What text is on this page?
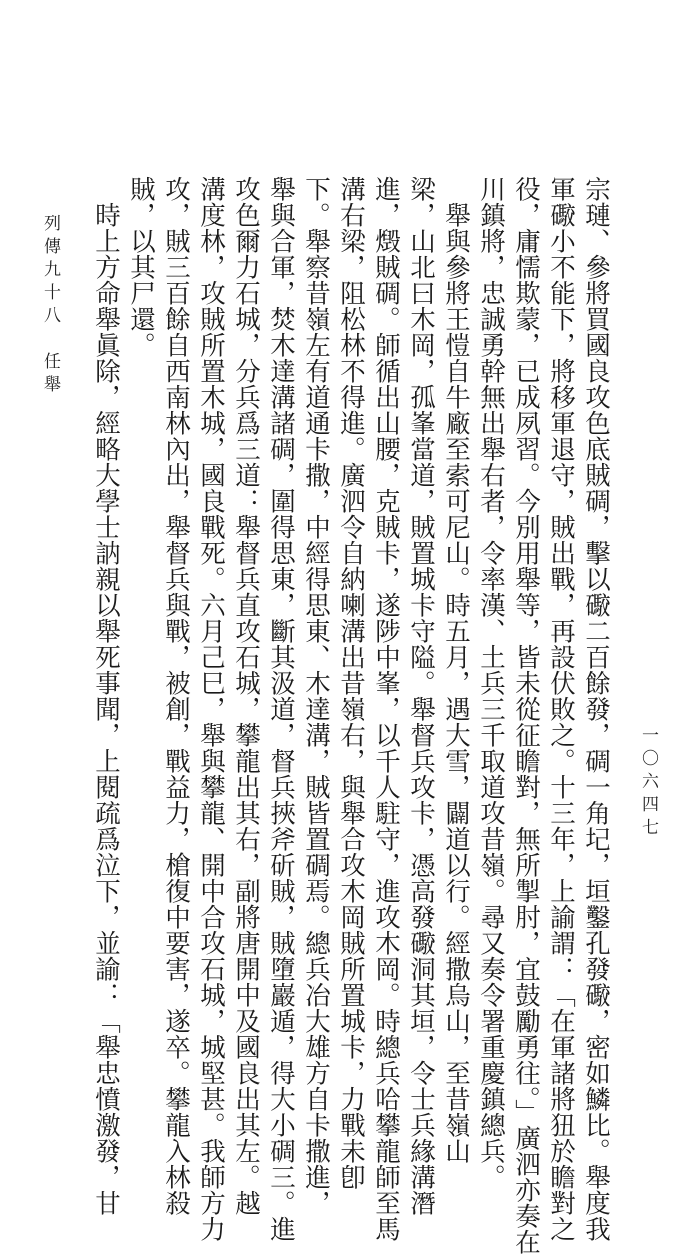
列傳九十八　任舉	宗璉、參將買國良攻色底賊碉，擊以礮二百餘發，碉一角圮，垣鑿孔發礮，密如鱗比。舉度我
軍礮小不能下，將移軍退守，賊出戰，再設伏敗之。十三年，上諭謂：「在軍諸將狃於瞻對之
役，庸懦欺蒙，已成夙習。今別用舉等，皆未從征瞻對，無所掣肘，宜鼓勵勇往。」廣泗亦奏在
川鎮將，忠誠勇幹無出舉右者，令率漢、土兵三千取道攻昔嶺。尋又奏令署重慶鎮總兵。
舉與參將王愷自牛廠至索可尼山。時五月，遇大雪，闢道以行。經撒烏山，至昔嶺山
梁，山北曰木岡，孤峯當道，賊置城卡守隘。舉督兵攻卡，憑高發礮洞其垣，令士兵緣溝潛
進，燬賊碉。師循出山腰，克賊卡，遂陟中峯，以千人駐守，進攻木岡。時總兵哈攀龍師至馬
溝右梁，阻松林不得進。廣泗令自納喇溝出昔嶺右，與舉合攻木岡賊所置城卡，力戰未卽
下。舉察昔嶺左有道通卡撒，中經得思東、木達溝，賊皆置碉焉。總兵冶大雄方自卡撒進，
舉與合軍，焚木達溝諸碉，圍得思東，斷其汲道，督兵挾斧斫賊，賊墮巖遁，得大小碉三。進
攻色爾力石城，分兵爲三道：舉督兵直攻石城，攀龍出其右，副將唐開中及國良出其左。越
溝度林，攻賊所置木城，國良戰死。六月己巳，舉與攀龍、開中合攻石城，城堅甚。我師方力
攻，賊三百餘自西南林內出，舉督兵與戰，被創，戰益力，槍復中要害，遂卒。攀龍入林殺
賊，以其尸還。
時上方命舉眞除，經略大學士訥親以舉死事聞，上閱疏爲泣下，並諭：「舉忠憤激發，甘	一〇六四七
